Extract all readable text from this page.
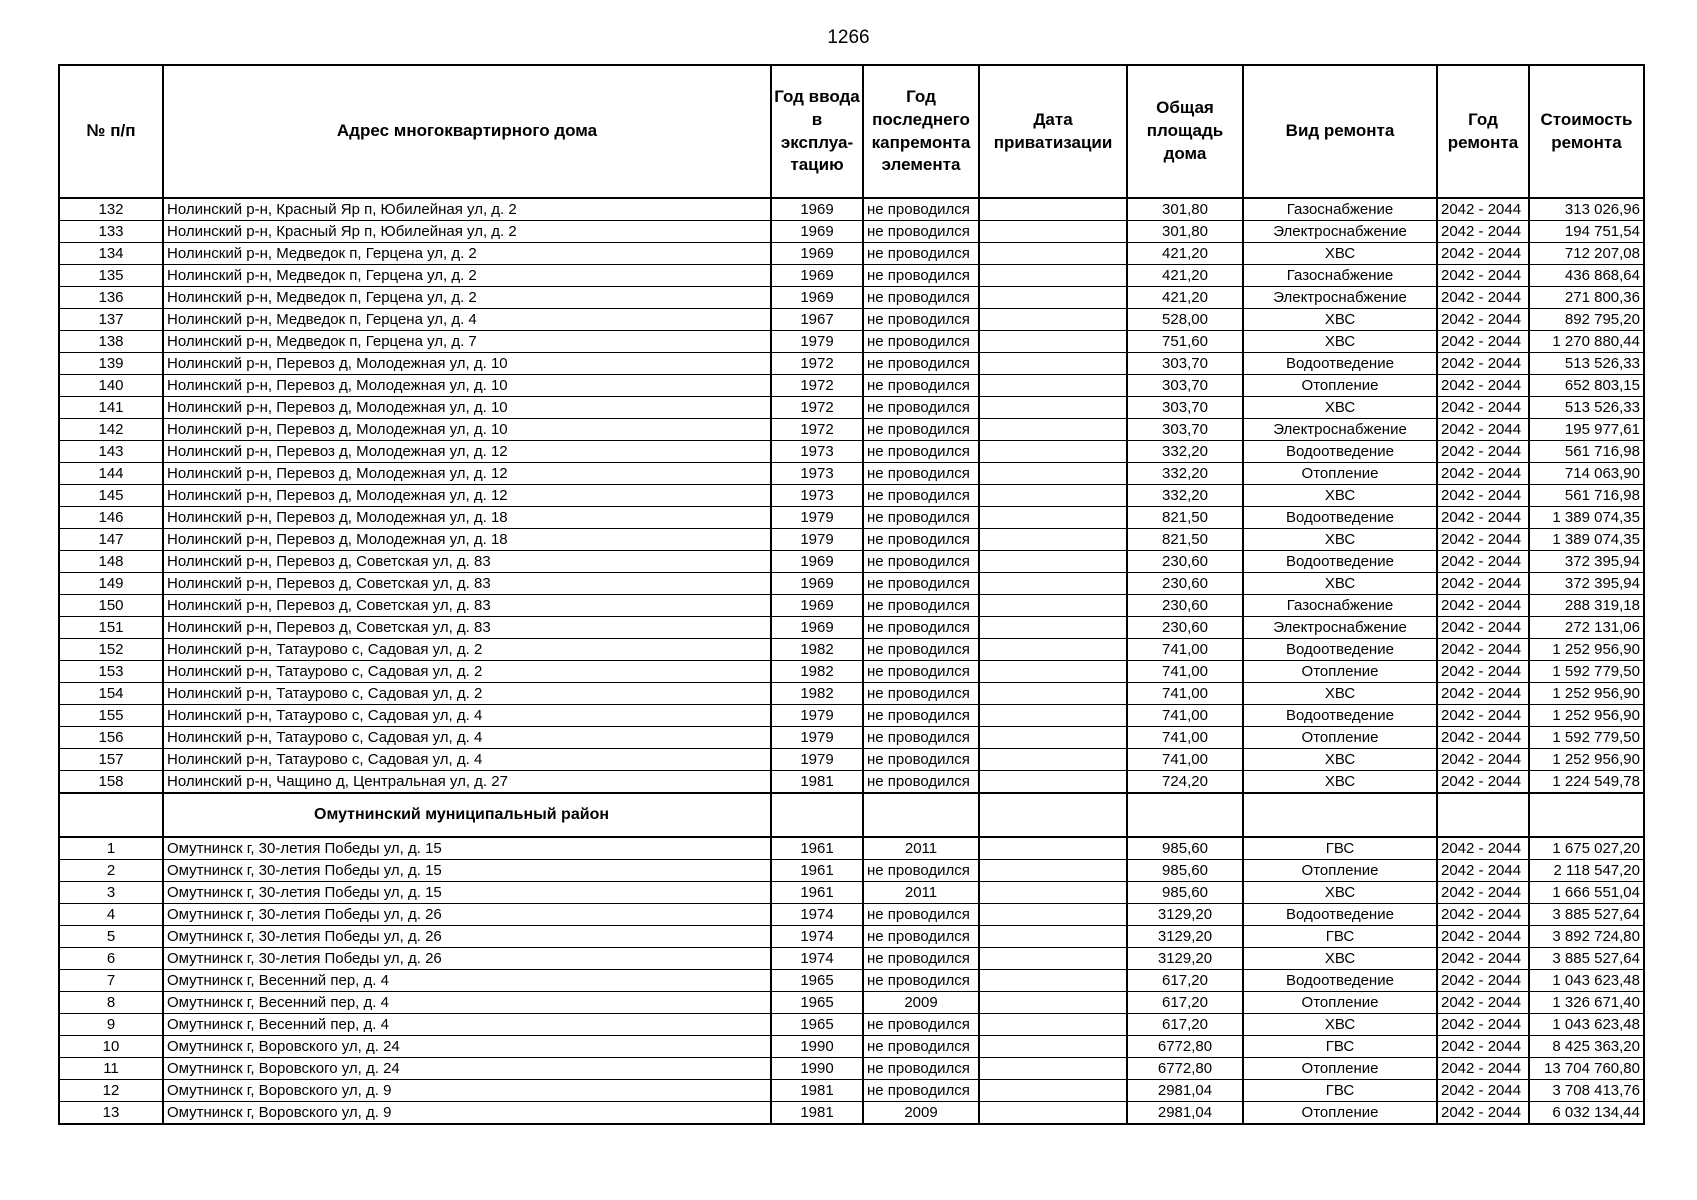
1266
№ п/п	Адрес многоквартирного дома	Год ввода в эксплуа-тацию	Год последнего капремонта элемента	Дата приватизации	Общая площадь дома	Вид ремонта	Год ремонта	Стоимость ремонта
132	Нолинский р-н, Красный Яр п, Юбилейная ул, д. 2	1969	не проводился		301,80	Газоснабжение	2042 - 2044	313 026,96
133	Нолинский р-н, Красный Яр п, Юбилейная ул, д. 2	1969	не проводился		301,80	Электроснабжение	2042 - 2044	194 751,54
134	Нолинский р-н, Медведок п, Герцена ул, д. 2	1969	не проводился		421,20	ХВС	2042 - 2044	712 207,08
135	Нолинский р-н, Медведок п, Герцена ул, д. 2	1969	не проводился		421,20	Газоснабжение	2042 - 2044	436 868,64
136	Нолинский р-н, Медведок п, Герцена ул, д. 2	1969	не проводился		421,20	Электроснабжение	2042 - 2044	271 800,36
137	Нолинский р-н, Медведок п, Герцена ул, д. 4	1967	не проводился		528,00	ХВС	2042 - 2044	892 795,20
138	Нолинский р-н, Медведок п, Герцена ул, д. 7	1979	не проводился		751,60	ХВС	2042 - 2044	1 270 880,44
139	Нолинский р-н, Перевоз д, Молодежная ул, д. 10	1972	не проводился		303,70	Водоотведение	2042 - 2044	513 526,33
140	Нолинский р-н, Перевоз д, Молодежная ул, д. 10	1972	не проводился		303,70	Отопление	2042 - 2044	652 803,15
141	Нолинский р-н, Перевоз д, Молодежная ул, д. 10	1972	не проводился		303,70	ХВС	2042 - 2044	513 526,33
142	Нолинский р-н, Перевоз д, Молодежная ул, д. 10	1972	не проводился		303,70	Электроснабжение	2042 - 2044	195 977,61
143	Нолинский р-н, Перевоз д, Молодежная ул, д. 12	1973	не проводился		332,20	Водоотведение	2042 - 2044	561 716,98
144	Нолинский р-н, Перевоз д, Молодежная ул, д. 12	1973	не проводился		332,20	Отопление	2042 - 2044	714 063,90
145	Нолинский р-н, Перевоз д, Молодежная ул, д. 12	1973	не проводился		332,20	ХВС	2042 - 2044	561 716,98
146	Нолинский р-н, Перевоз д, Молодежная ул, д. 18	1979	не проводился		821,50	Водоотведение	2042 - 2044	1 389 074,35
147	Нолинский р-н, Перевоз д, Молодежная ул, д. 18	1979	не проводился		821,50	ХВС	2042 - 2044	1 389 074,35
148	Нолинский р-н, Перевоз д, Советская ул, д. 83	1969	не проводился		230,60	Водоотведение	2042 - 2044	372 395,94
149	Нолинский р-н, Перевоз д, Советская ул, д. 83	1969	не проводился		230,60	ХВС	2042 - 2044	372 395,94
150	Нолинский р-н, Перевоз д, Советская ул, д. 83	1969	не проводился		230,60	Газоснабжение	2042 - 2044	288 319,18
151	Нолинский р-н, Перевоз д, Советская ул, д. 83	1969	не проводился		230,60	Электроснабжение	2042 - 2044	272 131,06
152	Нолинский р-н, Татаурово с, Садовая ул, д. 2	1982	не проводился		741,00	Водоотведение	2042 - 2044	1 252 956,90
153	Нолинский р-н, Татаурово с, Садовая ул, д. 2	1982	не проводился		741,00	Отопление	2042 - 2044	1 592 779,50
154	Нолинский р-н, Татаурово с, Садовая ул, д. 2	1982	не проводился		741,00	ХВС	2042 - 2044	1 252 956,90
155	Нолинский р-н, Татаурово с, Садовая ул, д. 4	1979	не проводился		741,00	Водоотведение	2042 - 2044	1 252 956,90
156	Нолинский р-н, Татаурово с, Садовая ул, д. 4	1979	не проводился		741,00	Отопление	2042 - 2044	1 592 779,50
157	Нолинский р-н, Татаурово с, Садовая ул, д. 4	1979	не проводился		741,00	ХВС	2042 - 2044	1 252 956,90
158	Нолинский р-н, Чащино д, Центральная ул, д. 27	1981	не проводился		724,20	ХВС	2042 - 2044	1 224 549,78
	Омутнинский муниципальный район							
1	Омутнинск г, 30-летия Победы ул, д. 15	1961	2011		985,60	ГВС	2042 - 2044	1 675 027,20
2	Омутнинск г, 30-летия Победы ул, д. 15	1961	не проводился		985,60	Отопление	2042 - 2044	2 118 547,20
3	Омутнинск г, 30-летия Победы ул, д. 15	1961	2011		985,60	ХВС	2042 - 2044	1 666 551,04
4	Омутнинск г, 30-летия Победы ул, д. 26	1974	не проводился		3129,20	Водоотведение	2042 - 2044	3 885 527,64
5	Омутнинск г, 30-летия Победы ул, д. 26	1974	не проводился		3129,20	ГВС	2042 - 2044	3 892 724,80
6	Омутнинск г, 30-летия Победы ул, д. 26	1974	не проводился		3129,20	ХВС	2042 - 2044	3 885 527,64
7	Омутнинск г, Весенний пер, д. 4	1965	не проводился		617,20	Водоотведение	2042 - 2044	1 043 623,48
8	Омутнинск г, Весенний пер, д. 4	1965	2009		617,20	Отопление	2042 - 2044	1 326 671,40
9	Омутнинск г, Весенний пер, д. 4	1965	не проводился		617,20	ХВС	2042 - 2044	1 043 623,48
10	Омутнинск г, Воровского ул, д. 24	1990	не проводился		6772,80	ГВС	2042 - 2044	8 425 363,20
11	Омутнинск г, Воровского ул, д. 24	1990	не проводился		6772,80	Отопление	2042 - 2044	13 704 760,80
12	Омутнинск г, Воровского ул, д. 9	1981	не проводился		2981,04	ГВС	2042 - 2044	3 708 413,76
13	Омутнинск г, Воровского ул, д. 9	1981	2009		2981,04	Отопление	2042 - 2044	6 032 134,44
